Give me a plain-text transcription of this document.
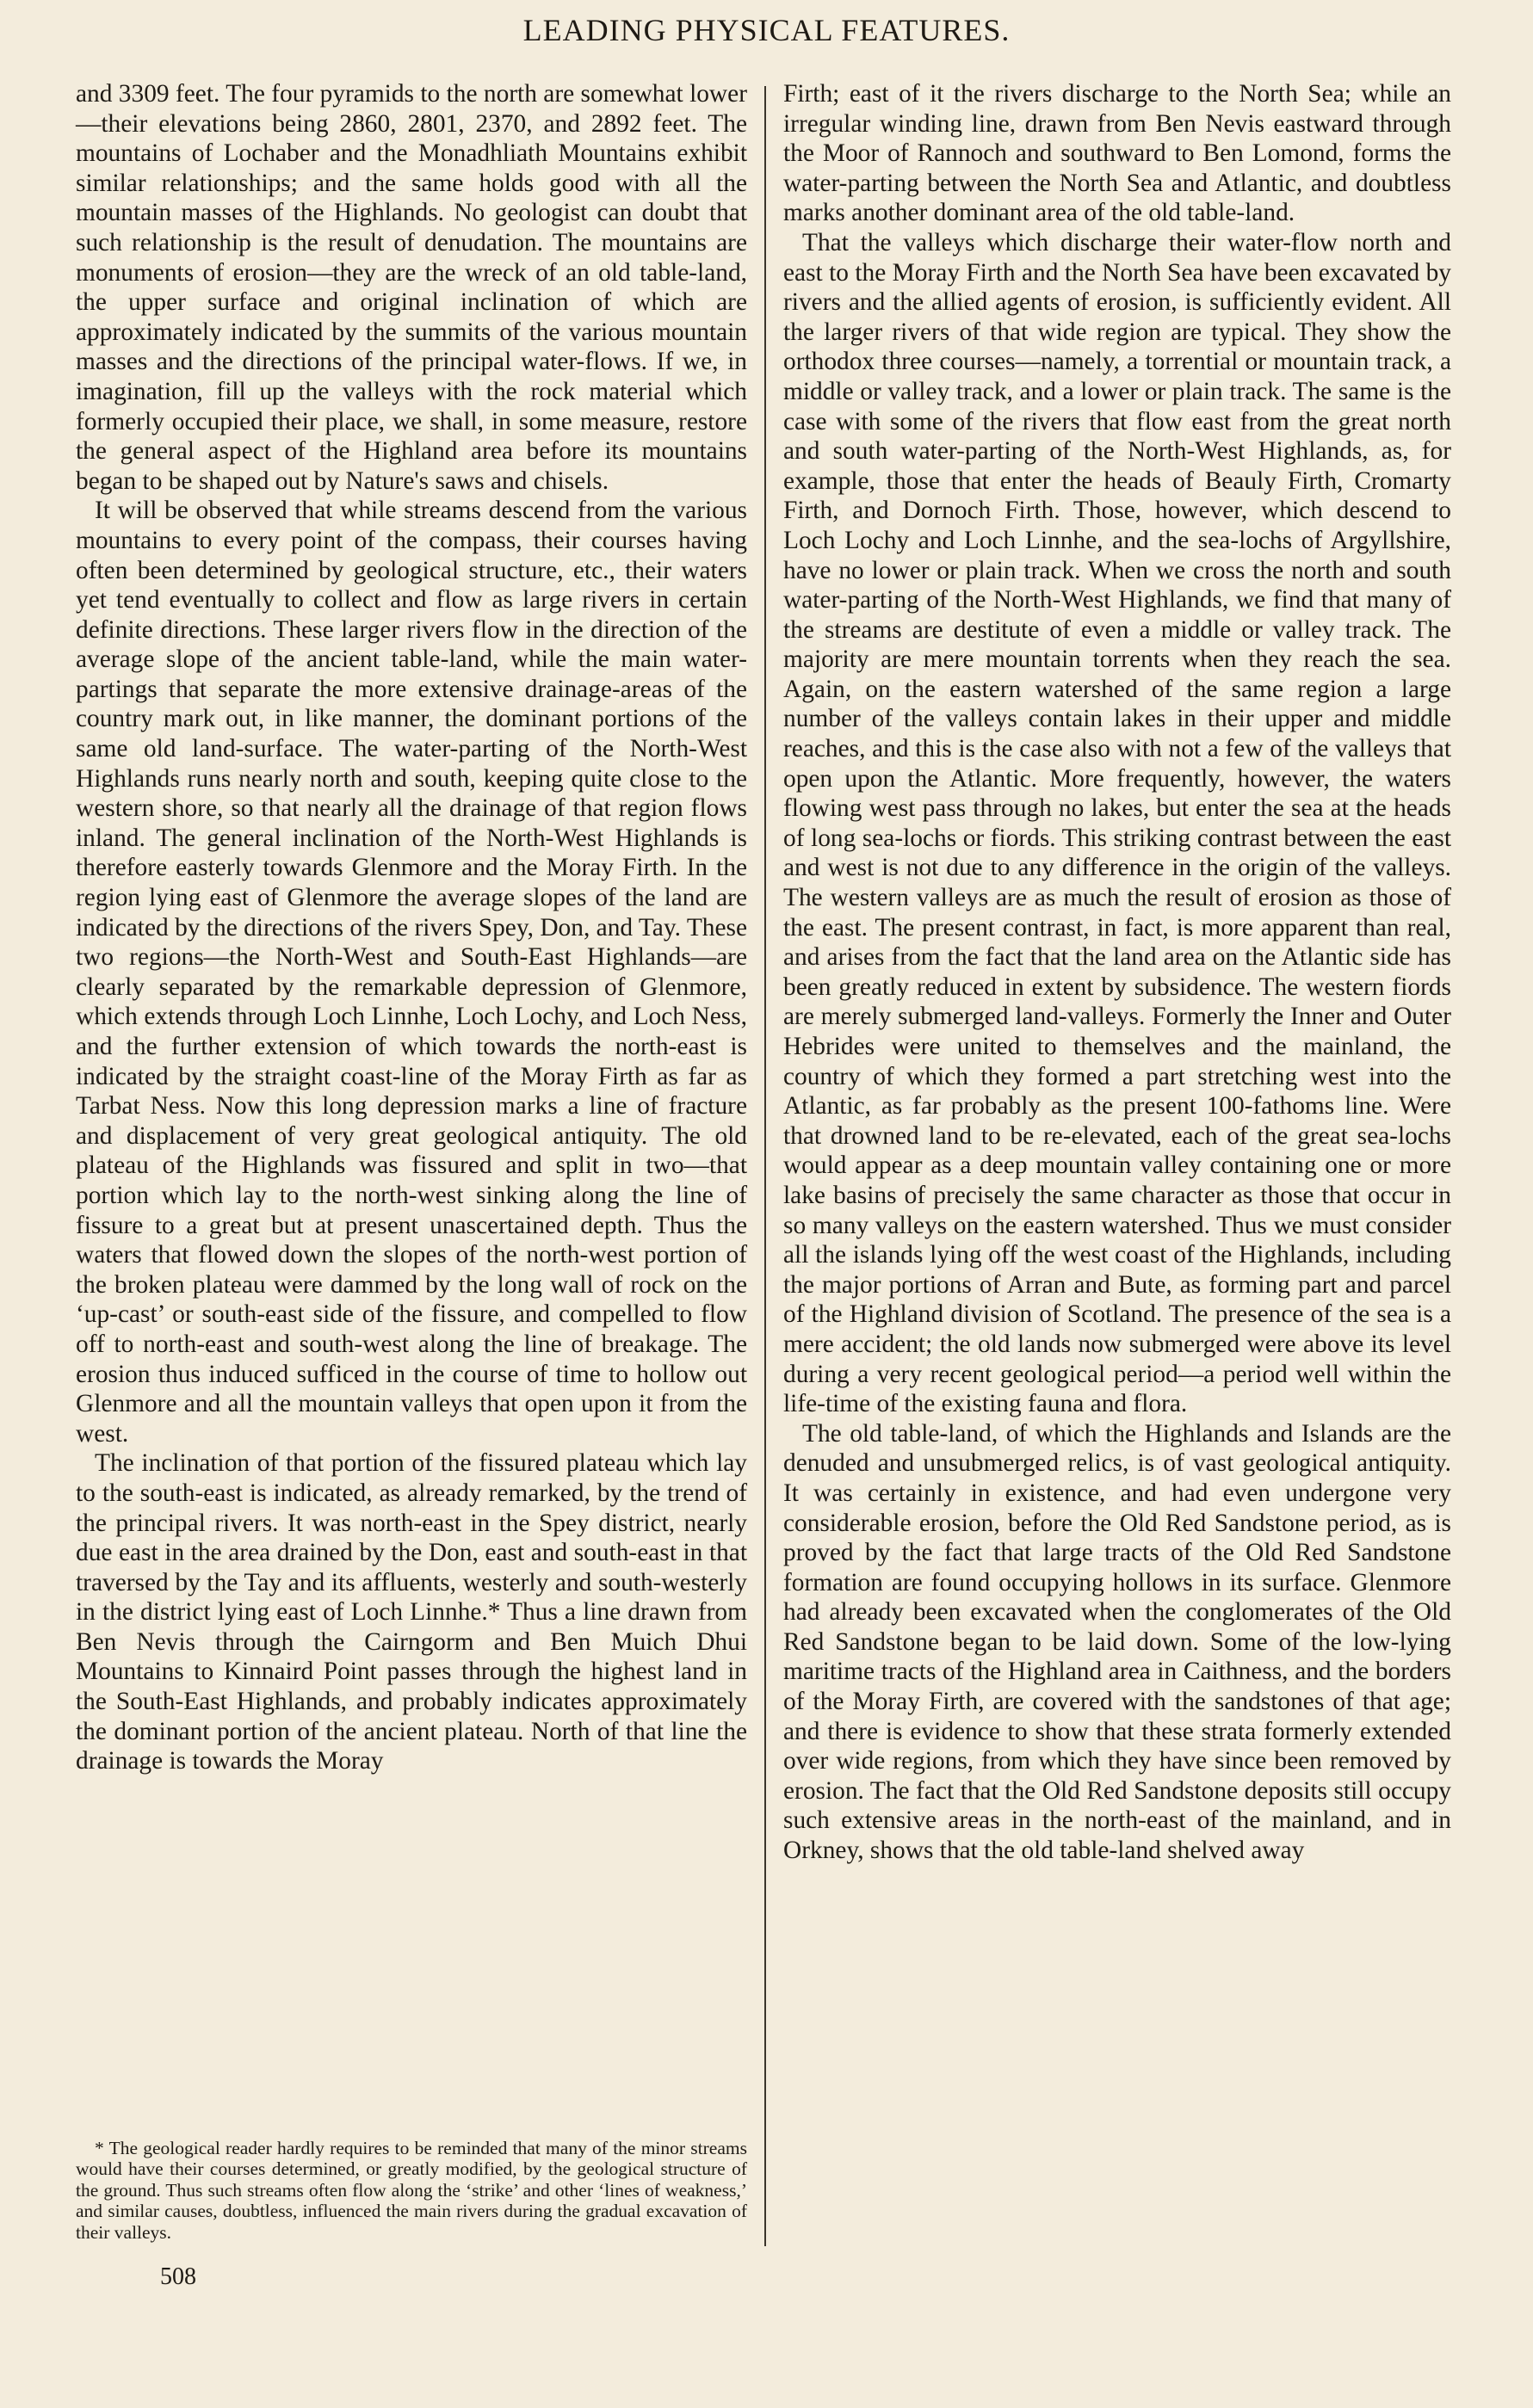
LEADING PHYSICAL FEATURES.

and 3309 feet. The four pyramids to the north are somewhat lower—their elevations being 2860, 2801, 2370, and 2892 feet. The mountains of Lochaber and the Monadhliath Mountains exhibit similar relationships; and the same holds good with all the mountain masses of the Highlands. No geologist can doubt that such relationship is the result of denudation. The mountains are monuments of erosion—they are the wreck of an old table-land, the upper surface and original inclination of which are approximately indicated by the summits of the various mountain masses and the directions of the principal water-flows. If we, in imagination, fill up the valleys with the rock material which formerly occupied their place, we shall, in some measure, restore the general aspect of the Highland area before its mountains began to be shaped out by Nature's saws and chisels.

It will be observed that while streams descend from the various mountains to every point of the compass, their courses having often been determined by geological structure, etc., their waters yet tend eventually to collect and flow as large rivers in certain definite directions. These larger rivers flow in the direction of the average slope of the ancient table-land, while the main water-partings that separate the more extensive drainage-areas of the country mark out, in like manner, the dominant portions of the same old land-surface. The water-parting of the North-West Highlands runs nearly north and south, keeping quite close to the western shore, so that nearly all the drainage of that region flows inland. The general inclination of the North-West Highlands is therefore easterly towards Glenmore and the Moray Firth. In the region lying east of Glenmore the average slopes of the land are indicated by the directions of the rivers Spey, Don, and Tay. These two regions—the North-West and South-East Highlands—are clearly separated by the remarkable depression of Glenmore, which extends through Loch Linnhe, Loch Lochy, and Loch Ness, and the further extension of which towards the north-east is indicated by the straight coast-line of the Moray Firth as far as Tarbat Ness. Now this long depression marks a line of fracture and displacement of very great geological antiquity. The old plateau of the Highlands was fissured and split in two—that portion which lay to the north-west sinking along the line of fissure to a great but at present unascertained depth. Thus the waters that flowed down the slopes of the north-west portion of the broken plateau were dammed by the long wall of rock on the ‘up-cast’ or south-east side of the fissure, and compelled to flow off to north-east and south-west along the line of breakage. The erosion thus induced sufficed in the course of time to hollow out Glenmore and all the mountain valleys that open upon it from the west.

The inclination of that portion of the fissured plateau which lay to the south-east is indicated, as already remarked, by the trend of the principal rivers. It was north-east in the Spey district, nearly due east in the area drained by the Don, east and south-east in that traversed by the Tay and its affluents, westerly and south-westerly in the district lying east of Loch Linnhe.* Thus a line drawn from Ben Nevis through the Cairngorm and Ben Muich Dhui Mountains to Kinnaird Point passes through the highest land in the South-East Highlands, and probably indicates approximately the dominant portion of the ancient plateau. North of that line the drainage is towards the Moray

Firth; east of it the rivers discharge to the North Sea; while an irregular winding line, drawn from Ben Nevis eastward through the Moor of Rannoch and southward to Ben Lomond, forms the water-parting between the North Sea and Atlantic, and doubtless marks another dominant area of the old table-land.

That the valleys which discharge their water-flow north and east to the Moray Firth and the North Sea have been excavated by rivers and the allied agents of erosion, is sufficiently evident. All the larger rivers of that wide region are typical. They show the orthodox three courses—namely, a torrential or mountain track, a middle or valley track, and a lower or plain track. The same is the case with some of the rivers that flow east from the great north and south water-parting of the North-West Highlands, as, for example, those that enter the heads of Beauly Firth, Cromarty Firth, and Dornoch Firth. Those, however, which descend to Loch Lochy and Loch Linnhe, and the sea-lochs of Argyllshire, have no lower or plain track. When we cross the north and south water-parting of the North-West Highlands, we find that many of the streams are destitute of even a middle or valley track. The majority are mere mountain torrents when they reach the sea. Again, on the eastern watershed of the same region a large number of the valleys contain lakes in their upper and middle reaches, and this is the case also with not a few of the valleys that open upon the Atlantic. More frequently, however, the waters flowing west pass through no lakes, but enter the sea at the heads of long sea-lochs or fiords. This striking contrast between the east and west is not due to any difference in the origin of the valleys. The western valleys are as much the result of erosion as those of the east. The present contrast, in fact, is more apparent than real, and arises from the fact that the land area on the Atlantic side has been greatly reduced in extent by subsidence. The western fiords are merely submerged land-valleys. Formerly the Inner and Outer Hebrides were united to themselves and the mainland, the country of which they formed a part stretching west into the Atlantic, as far probably as the present 100-fathoms line. Were that drowned land to be re-elevated, each of the great sea-lochs would appear as a deep mountain valley containing one or more lake basins of precisely the same character as those that occur in so many valleys on the eastern watershed. Thus we must consider all the islands lying off the west coast of the Highlands, including the major portions of Arran and Bute, as forming part and parcel of the Highland division of Scotland. The presence of the sea is a mere accident; the old lands now submerged were above its level during a very recent geological period—a period well within the life-time of the existing fauna and flora.

The old table-land, of which the Highlands and Islands are the denuded and unsubmerged relics, is of vast geological antiquity. It was certainly in existence, and had even undergone very considerable erosion, before the Old Red Sandstone period, as is proved by the fact that large tracts of the Old Red Sandstone formation are found occupying hollows in its surface. Glenmore had already been excavated when the conglomerates of the Old Red Sandstone began to be laid down. Some of the low-lying maritime tracts of the Highland area in Caithness, and the borders of the Moray Firth, are covered with the sandstones of that age; and there is evidence to show that these strata formerly extended over wide regions, from which they have since been removed by erosion. The fact that the Old Red Sandstone deposits still occupy such extensive areas in the north-east of the mainland, and in Orkney, shows that the old table-land shelved away

* The geological reader hardly requires to be reminded that many of the minor streams would have their courses determined, or greatly modified, by the geological structure of the ground. Thus such streams often flow along the ‘strike’ and other ‘lines of weakness,’ and similar causes, doubtless, influenced the main rivers during the gradual excavation of their valleys.

508
